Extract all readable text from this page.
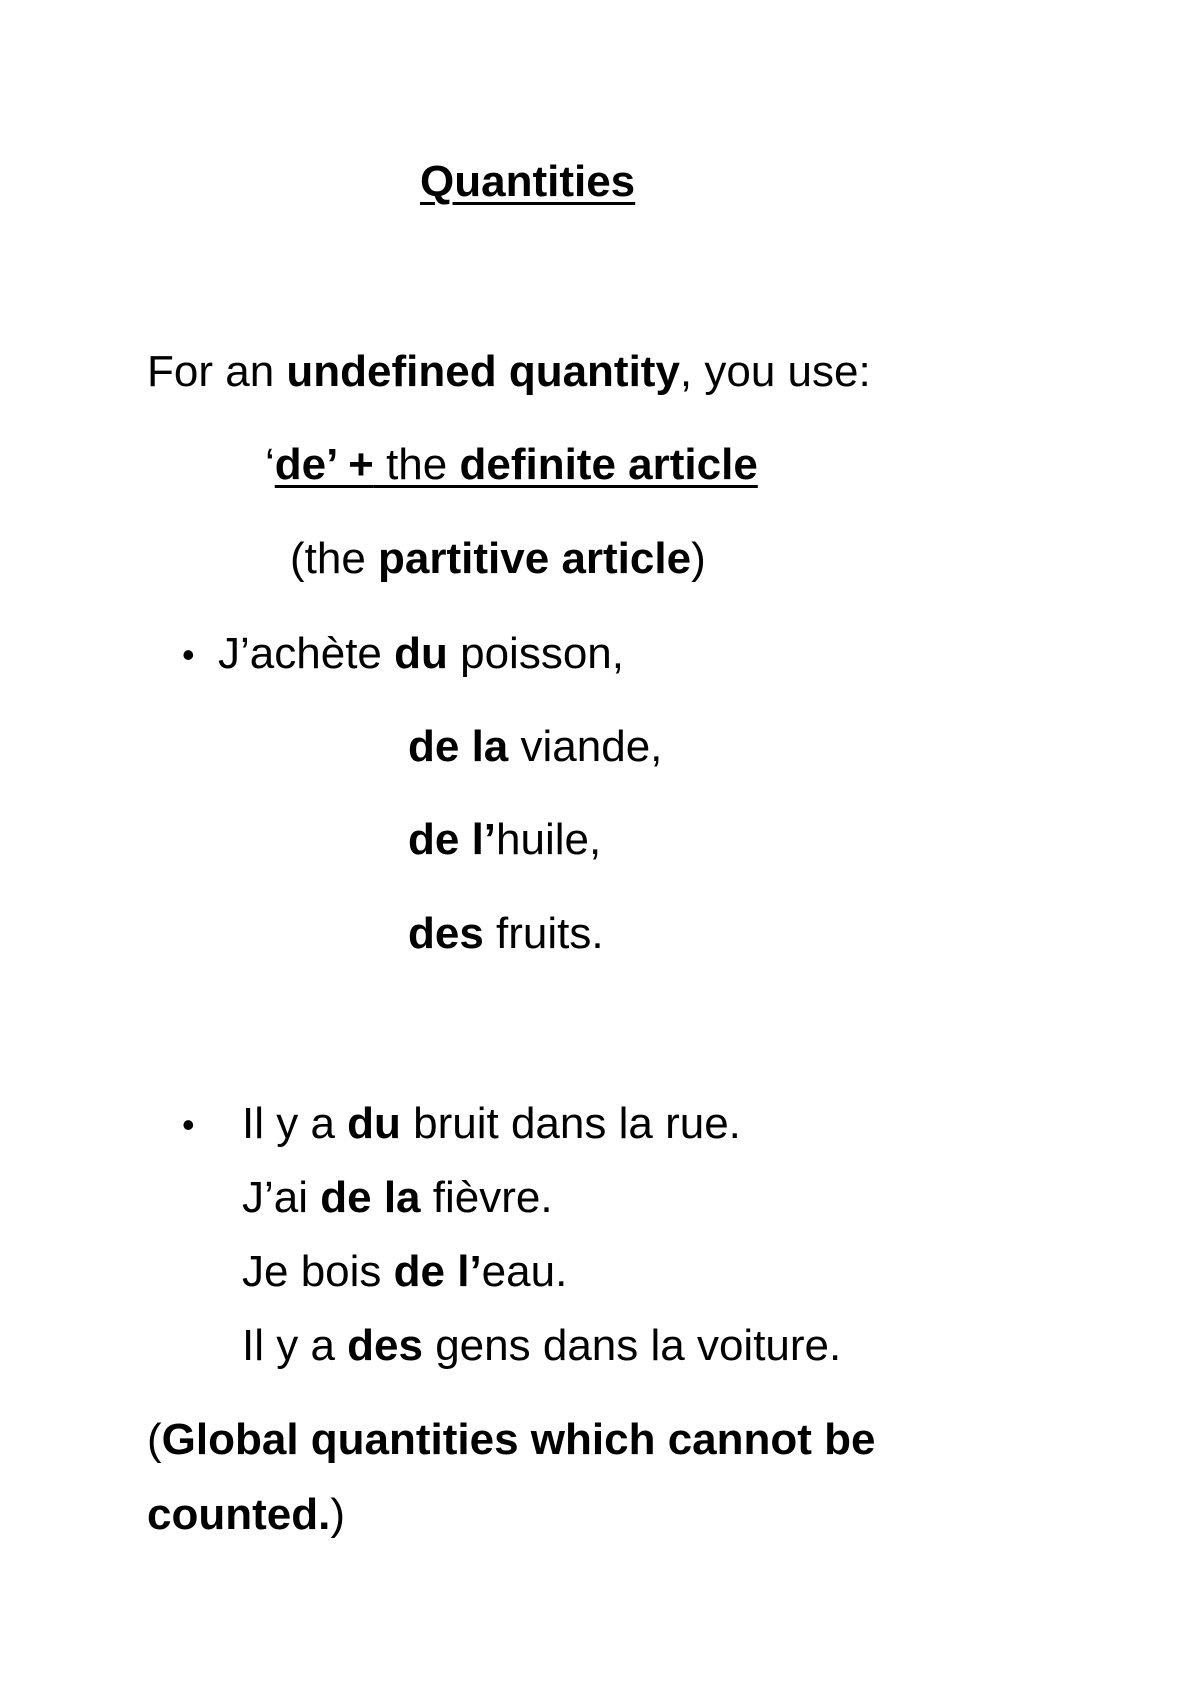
Quantities
For an undefined quantity, you use:
‘de’ + the definite article
(the partitive article)
• J’achète du poisson,
de la viande,
de l’huile,
des fruits.
• Il y a du bruit dans la rue.
J’ai de la fièvre.
Je bois de l’eau.
Il y a des gens dans la voiture.
(Global quantities which cannot be
counted.)
